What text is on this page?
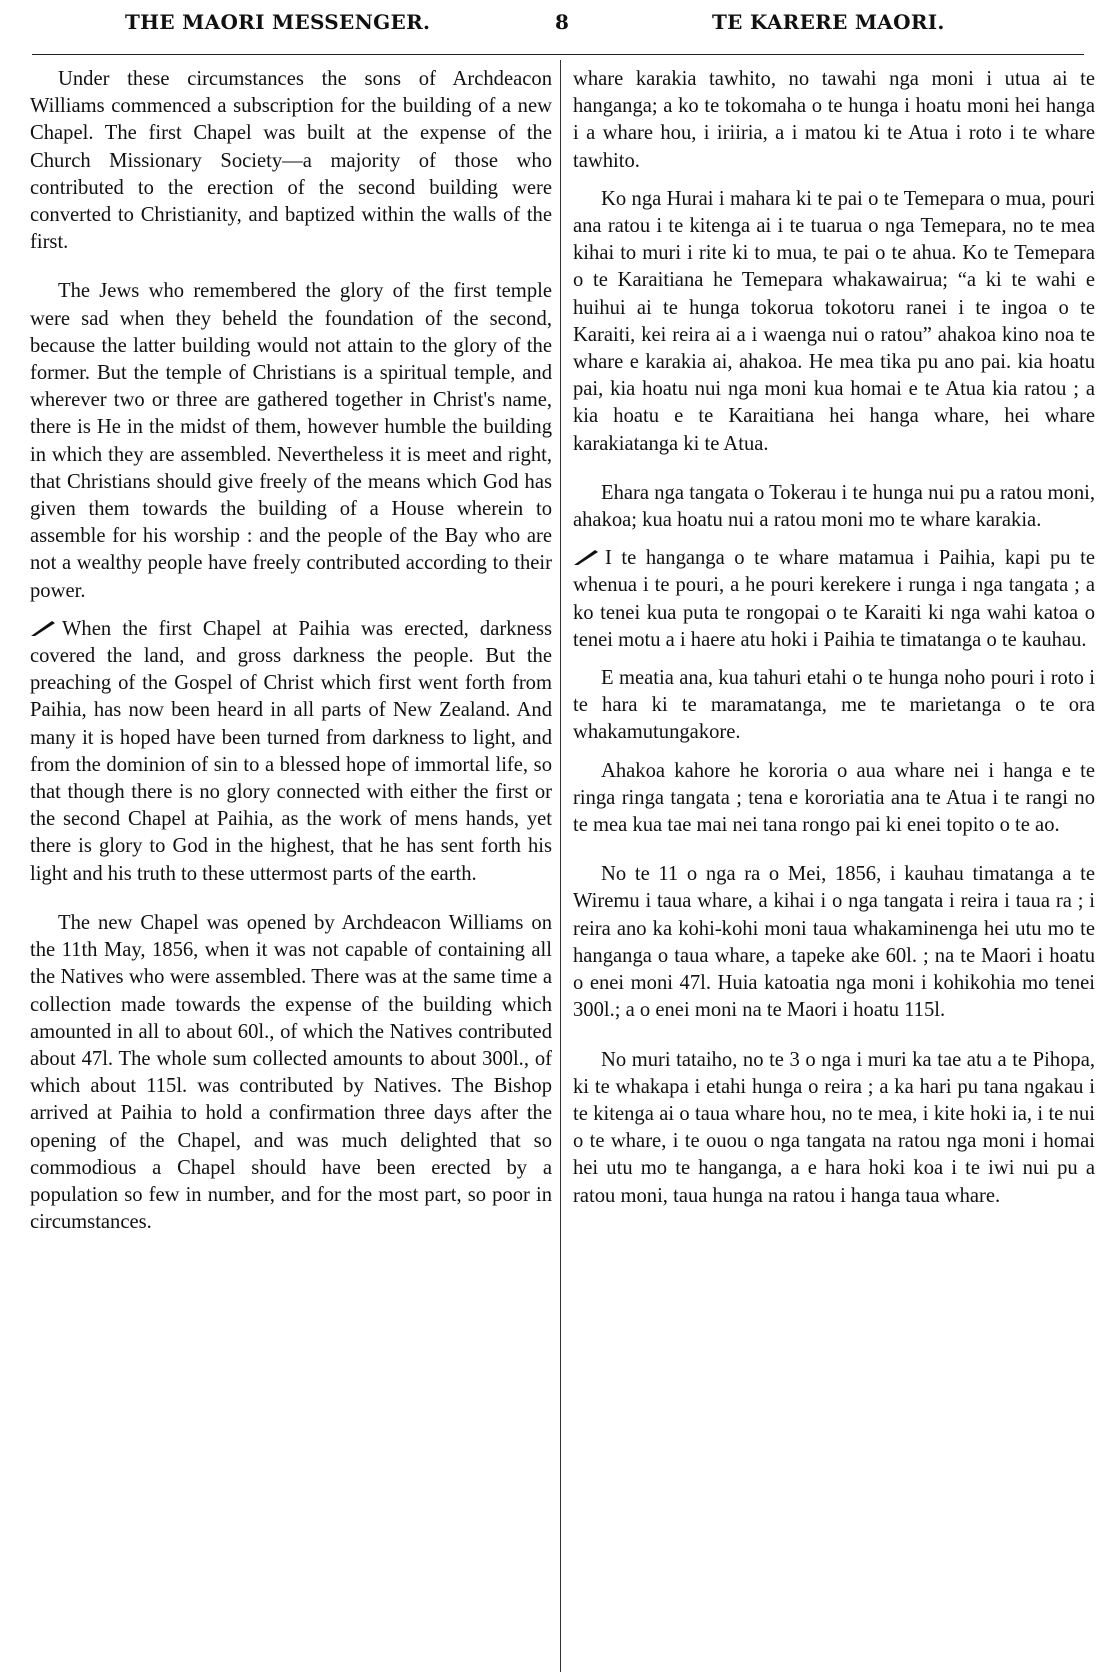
THE MAORI MESSENGER.	8	TE KARERE MAORI.

Under these circumstances the sons of Archdeacon Williams commenced a subscription for the building of a new Chapel. The first Chapel was built at the expense of the Church Missionary Society—a majority of those who contributed to the erection of the second building were converted to Christianity, and baptized within the walls of the first.

The Jews who remembered the glory of the first temple were sad when they beheld the foundation of the second, because the latter building would not attain to the glory of the former. But the temple of Christians is a spiritual temple, and wherever two or three are gathered together in Christ's name, there is He in the midst of them, however humble the building in which they are assembled. Nevertheless it is meet and right, that Christians should give freely of the means which God has given them towards the building of a House wherein to assemble for his worship : and the people of the Bay who are not a wealthy people have freely contributed according to their power.

When the first Chapel at Paihia was erected, darkness covered the land, and gross darkness the people. But the preaching of the Gospel of Christ which first went forth from Paihia, has now been heard in all parts of New Zealand. And many it is hoped have been turned from darkness to light, and from the dominion of sin to a blessed hope of immortal life, so that though there is no glory connected with either the first or the second Chapel at Paihia, as the work of mens hands, yet there is glory to God in the highest, that he has sent forth his light and his truth to these uttermost parts of the earth.

The new Chapel was opened by Archdeacon Williams on the 11th May, 1856, when it was not capable of containing all the Natives who were assembled. There was at the same time a collection made towards the expense of the building which amounted in all to about 60l., of which the Natives contributed about 47l. The whole sum collected amounts to about 300l., of which about 115l. was contributed by Natives. The Bishop arrived at Paihia to hold a confirmation three days after the opening of the Chapel, and was much delighted that so commodious a Chapel should have been erected by a population so few in number, and for the most part, so poor in circumstances.

whare karakia tawhito, no tawahi nga moni i utua ai te hanganga; a ko te tokomaha o te hunga i hoatu moni hei hanga i a whare hou, i iriiria, a i matou ki te Atua i roto i te whare tawhito.

Ko nga Hurai i mahara ki te pai o te Temepara o mua, pouri ana ratou i te kitenga ai i te tuarua o nga Temepara, no te mea kihai to muri i rite ki to mua, te pai o te ahua. Ko te Temepara o te Karaitiana he Temepara whakawairua; “a ki te wahi e huihui ai te hunga tokorua tokotoru ranei i te ingoa o te Karaiti, kei reira ai a i waenga nui o ratou” ahakoa kino noa te whare e karakia ai, ahakoa. He mea tika pu ano pai. kia hoatu pai, kia hoatu nui nga moni kua homai e te Atua kia ratou ; a kia hoatu e te Karaitiana hei hanga whare, hei whare karakiatanga ki te Atua.

Ehara nga tangata o Tokerau i te hunga nui pu a ratou moni, ahakoa; kua hoatu nui a ratou moni mo te whare karakia.

I te hanganga o te whare matamua i Paihia, kapi pu te whenua i te pouri, a he pouri kerekere i runga i nga tangata ; a ko tenei kua puta te rongopai o te Karaiti ki nga wahi katoa o tenei motu a i haere atu hoki i Paihia te timatanga o te kauhau.

E meatia ana, kua tahuri etahi o te hunga noho pouri i roto i te hara ki te maramatanga, me te marietanga o te ora whakamutungakore.

Ahakoa kahore he kororia o aua whare nei i hanga e te ringa ringa tangata ; tena e kororiatia ana te Atua i te rangi no te mea kua tae mai nei tana rongo pai ki enei topito o te ao.

No te 11 o nga ra o Mei, 1856, i kauhau timatanga a te Wiremu i taua whare, a kihai i o nga tangata i reira i taua ra ; i reira ano ka kohi-kohi moni taua whakaminenga hei utu mo te hanganga o taua whare, a tapeke ake 60l. ; na te Maori i hoatu o enei moni 47l. Huia katoatia nga moni i kohikohia mo tenei 300l.; a o enei moni na te Maori i hoatu 115l.

No muri tataiho, no te 3 o nga i muri ka tae atu a te Pihopa, ki te whakapa i etahi hunga o reira ; a ka hari pu tana ngakau i te kitenga ai o taua whare hou, no te mea, i kite hoki ia, i te nui o te whare, i te ouou o nga tangata na ratou nga moni i homai hei utu mo te hanganga, a e hara hoki koa i te iwi nui pu a ratou moni, taua hunga na ratou i hanga taua whare.
